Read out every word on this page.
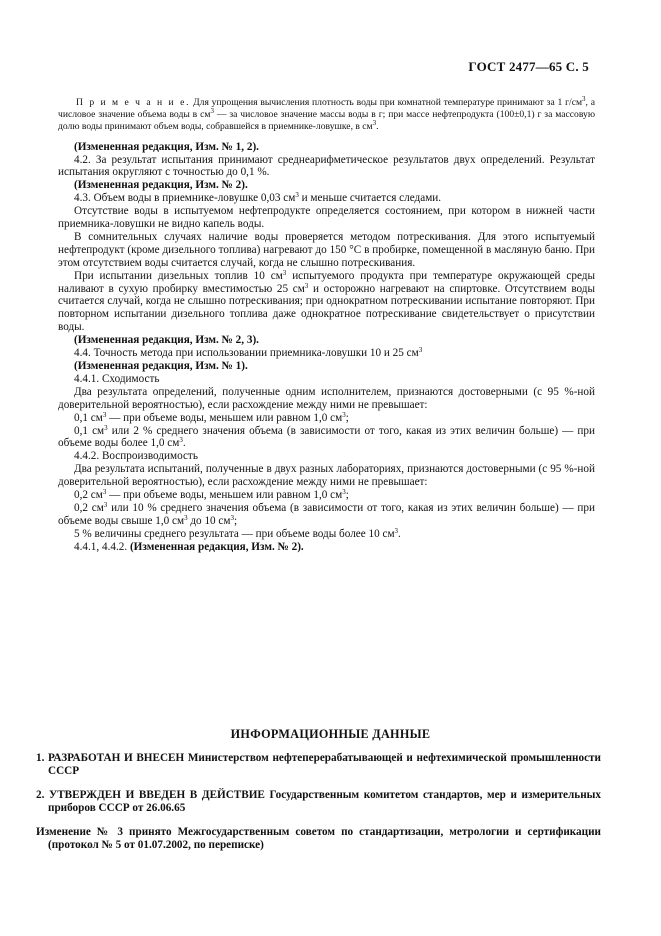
ГОСТ 2477—65 С. 5

П р и м е ч а н и е. Для упрощения вычисления плотность воды при комнатной температуре принимают за 1 $г/см^3$, а числовое значение объема воды в $см^3$ — за числовое значение массы воды в г; при массе нефтепродукта (100±0,1) г за массовую долю воды принимают объем воды, собравшейся в приемнике-ловушке, в $см^3$.

(Измененная редакция, Изм. № 1, 2).

4.2. За результат испытания принимают среднеарифметическое результатов двух определений. Результат испытания округляют с точностью до 0,1 %.

(Измененная редакция, Изм. № 2).

4.3. Объем воды в приемнике-ловушке 0,03 $см^3$ и меньше считается следами.

Отсутствие воды в испытуемом нефтепродукте определяется состоянием, при котором в нижней части приемника-ловушки не видно капель воды.

В сомнительных случаях наличие воды проверяется методом потрескивания. Для этого испытуемый нефтепродукт (кроме дизельного топлива) нагревают до 150 °С в пробирке, помещенной в масляную баню. При этом отсутствием воды считается случай, когда не слышно потрескивания.

При испытании дизельных топлив 10 $см^3$ испытуемого продукта при температуре окружающей среды наливают в сухую пробирку вместимостью 25 $см^3$ и осторожно нагревают на спиртовке. Отсутствием воды считается случай, когда не слышно потрескивания; при однократном потрескивании испытание повторяют. При повторном испытании дизельного топлива даже однократное потрескивание свидетельствует о присутствии воды.

(Измененная редакция, Изм. № 2, 3).

4.4. Точность метода при использовании приемника-ловушки 10 и 25 $см^3$

(Измененная редакция, Изм. № 1).

4.4.1. Сходимость

Два результата определений, полученные одним исполнителем, признаются достоверными (с 95 %-ной доверительной вероятностью), если расхождение между ними не превышает:

0,1 $см^3$ — при объеме воды, меньшем или равном 1,0 $см^3$;

0,1 $см^3$ или 2 % среднего значения объема (в зависимости от того, какая из этих величин больше) — при объеме воды более 1,0 $см^3$.

4.4.2. Воспроизводимость

Два результата испытаний, полученные в двух разных лабораториях, признаются достоверными (с 95 %-ной доверительной вероятностью), если расхождение между ними не превышает:

0,2 $см^3$ — при объеме воды, меньшем или равном 1,0 $см^3$;

0,2 $см^3$ или 10 % среднего значения объема (в зависимости от того, какая из этих величин больше) — при объеме воды свыше 1,0 $см^3$ до 10 $см^3$;

5 % величины среднего результата — при объеме воды более 10 $см^3$.

4.4.1, 4.4.2. (Измененная редакция, Изм. № 2).

ИНФОРМАЦИОННЫЕ ДАННЫЕ

1. РАЗРАБОТАН И ВНЕСЕН Министерством нефтеперерабатывающей и нефтехимической промышленности СССР

2. УТВЕРЖДЕН И ВВЕДЕН В ДЕЙСТВИЕ Государственным комитетом стандартов, мер и измерительных приборов СССР от 26.06.65

Изменение № 3 принято Межгосударственным советом по стандартизации, метрологии и сертификации (протокол № 5 от 01.07.2002, по переписке)
